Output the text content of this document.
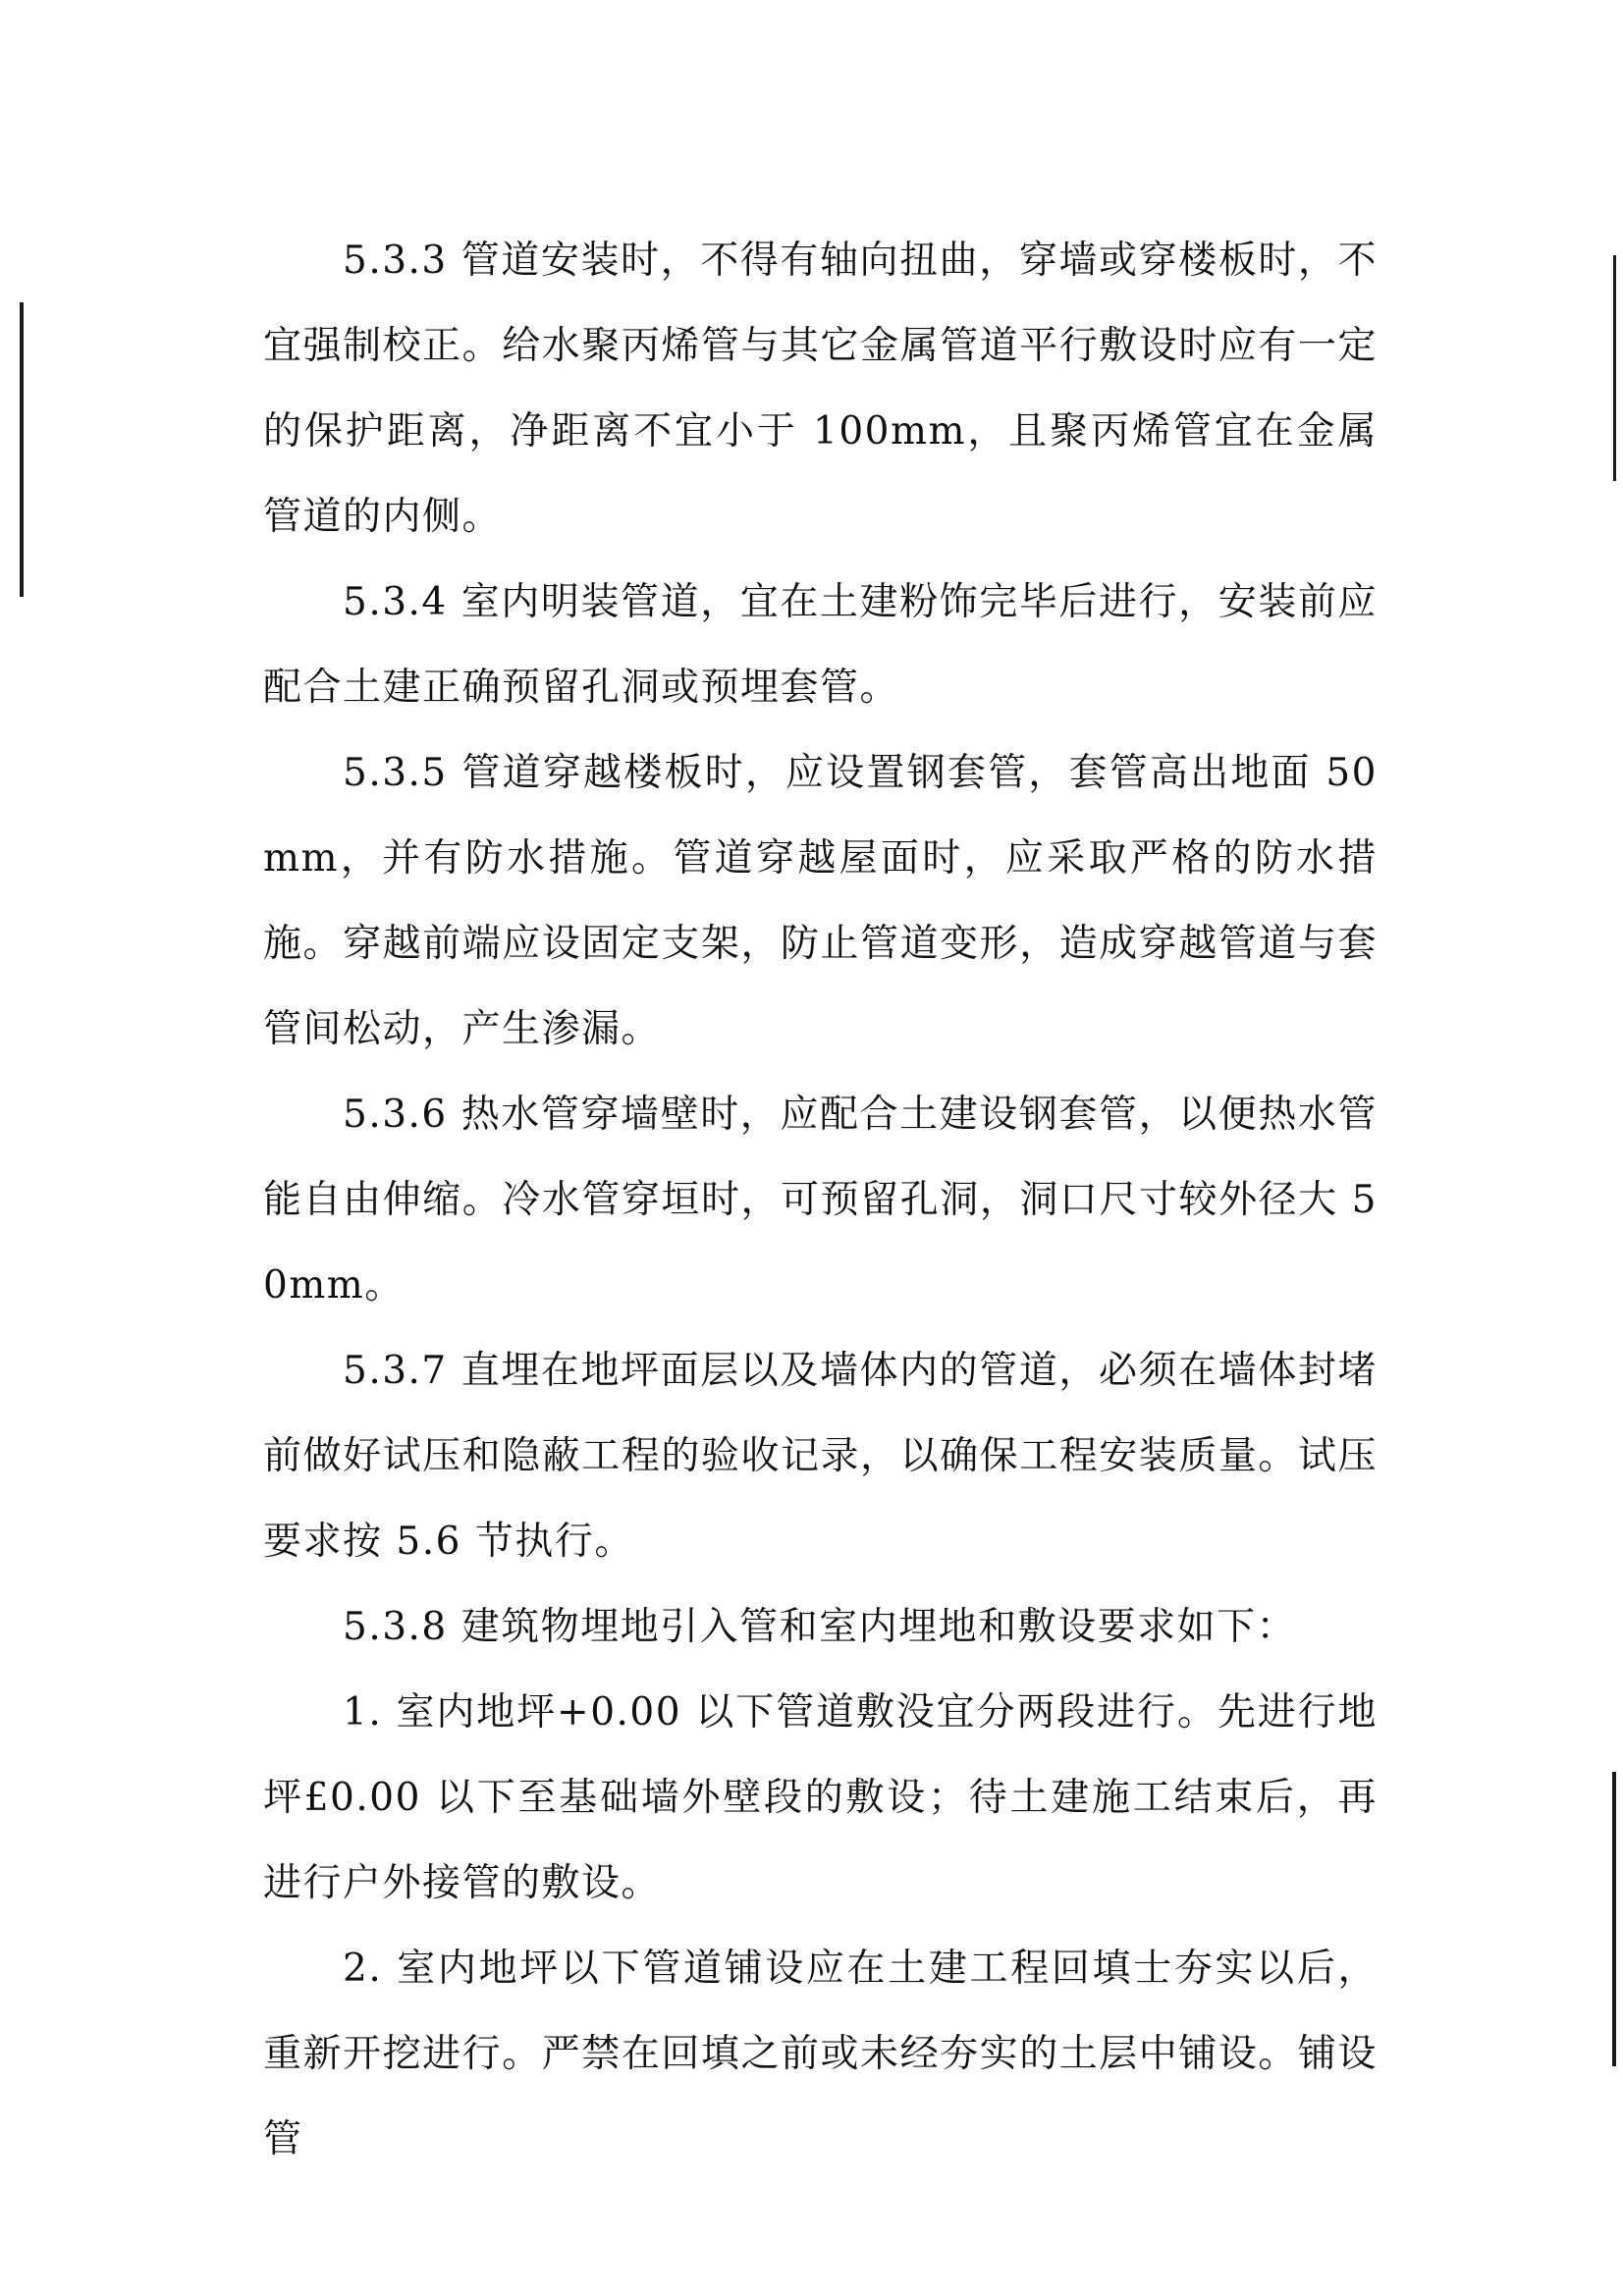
5.3.3 管道安装时，不得有轴向扭曲，穿墙或穿楼板时，不宜强制校正。给水聚丙烯管与其它金属管道平行敷设时应有一定的保护距离，净距离不宜小于 100mm，且聚丙烯管宜在金属管道的内侧。

5.3.4 室内明装管道，宜在土建粉饰完毕后进行，安装前应配合土建正确预留孔洞或预埋套管。

5.3.5 管道穿越楼板时，应设置钢套管，套管高出地面 50mm，并有防水措施。管道穿越屋面时，应采取严格的防水措施。穿越前端应设固定支架，防止管道变形，造成穿越管道与套管间松动，产生渗漏。

5.3.6 热水管穿墙壁时，应配合土建设钢套管，以便热水管能自由伸缩。冷水管穿垣时，可预留孔洞，洞口尺寸较外径大 50mm。

5.3.7 直埋在地坪面层以及墙体内的管道，必须在墙体封堵前做好试压和隐蔽工程的验收记录，以确保工程安装质量。试压要求按 5.6 节执行。

5.3.8 建筑物埋地引入管和室内埋地和敷设要求如下：

1. 室内地坪+0.00 以下管道敷没宜分两段进行。先进行地坪£0.00 以下至基础墙外壁段的敷设；待土建施工结束后，再进行户外接管的敷设。

2. 室内地坪以下管道铺设应在土建工程回填士夯实以后，重新开挖进行。严禁在回填之前或未经夯实的土层中铺设。铺设管
